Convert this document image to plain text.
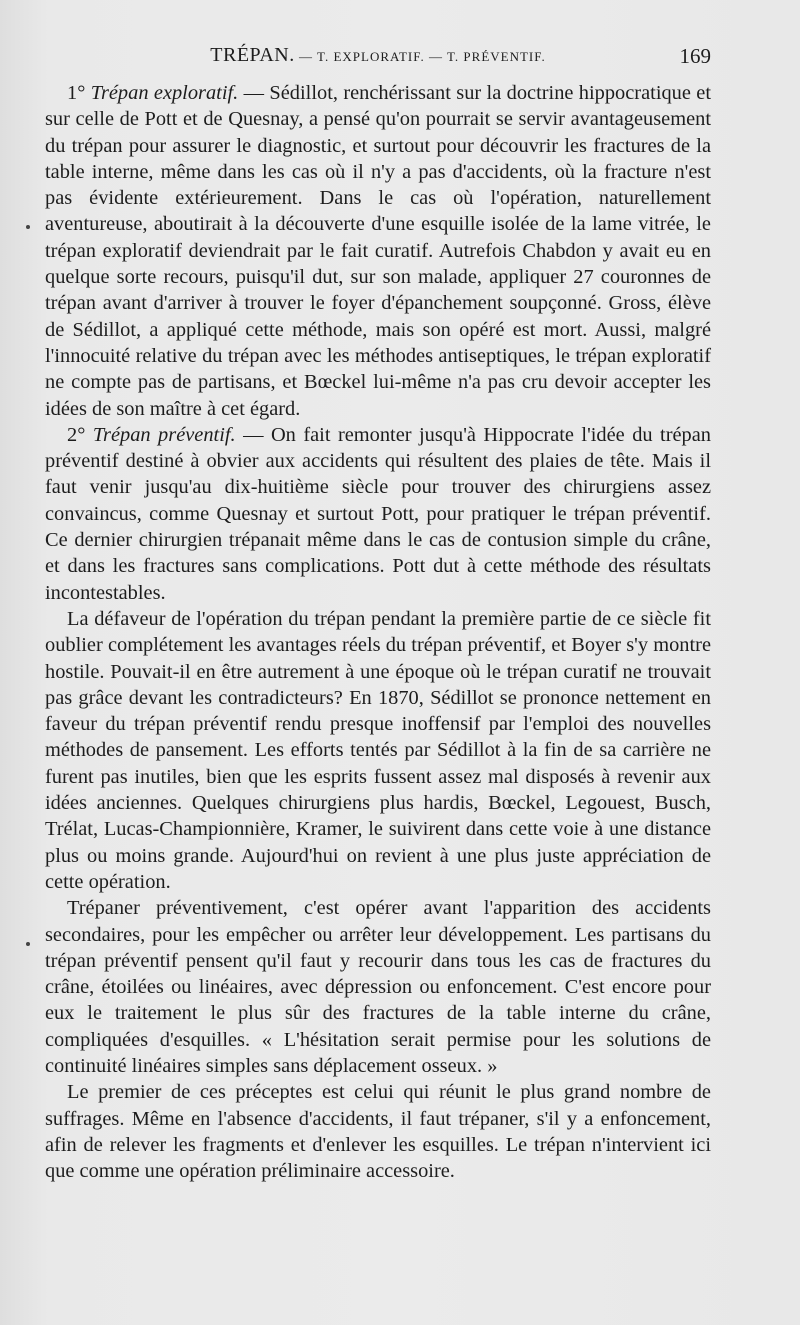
TRÉPAN. — T. EXPLORATIF. — T. PRÉVENTIF.	169

1° Trépan exploratif. — Sédillot, renchérissant sur la doctrine hippocratique et sur celle de Pott et de Quesnay, a pensé qu'on pourrait se servir avantageusement du trépan pour assurer le diagnostic, et surtout pour découvrir les fractures de la table interne, même dans les cas où il n'y a pas d'accidents, où la fracture n'est pas évidente extérieurement. Dans le cas où l'opération, naturellement aventureuse, aboutirait à la découverte d'une esquille isolée de la lame vitrée, le trépan exploratif deviendrait par le fait curatif. Autrefois Chabdon y avait eu en quelque sorte recours, puisqu'il dut, sur son malade, appliquer 27 couronnes de trépan avant d'arriver à trouver le foyer d'épanchement soupçonné. Gross, élève de Sédillot, a appliqué cette méthode, mais son opéré est mort. Aussi, malgré l'innocuité relative du trépan avec les méthodes antiseptiques, le trépan exploratif ne compte pas de partisans, et Bœckel lui-même n'a pas cru devoir accepter les idées de son maître à cet égard.

2° Trépan préventif. — On fait remonter jusqu'à Hippocrate l'idée du trépan préventif destiné à obvier aux accidents qui résultent des plaies de tête. Mais il faut venir jusqu'au dix-huitième siècle pour trouver des chirurgiens assez convaincus, comme Quesnay et surtout Pott, pour pratiquer le trépan préventif. Ce dernier chirurgien trépanait même dans le cas de contusion simple du crâne, et dans les fractures sans complications. Pott dut à cette méthode des résultats incontestables.

La défaveur de l'opération du trépan pendant la première partie de ce siècle fit oublier complétement les avantages réels du trépan préventif, et Boyer s'y montre hostile. Pouvait-il en être autrement à une époque où le trépan curatif ne trouvait pas grâce devant les contradicteurs? En 1870, Sédillot se prononce nettement en faveur du trépan préventif rendu presque inoffensif par l'emploi des nouvelles méthodes de pansement. Les efforts tentés par Sédillot à la fin de sa carrière ne furent pas inutiles, bien que les esprits fussent assez mal disposés à revenir aux idées anciennes. Quelques chirurgiens plus hardis, Bœckel, Legouest, Busch, Trélat, Lucas-Championnière, Kramer, le suivirent dans cette voie à une distance plus ou moins grande. Aujourd'hui on revient à une plus juste appréciation de cette opération.

Trépaner préventivement, c'est opérer avant l'apparition des accidents secondaires, pour les empêcher ou arrêter leur développement. Les partisans du trépan préventif pensent qu'il faut y recourir dans tous les cas de fractures du crâne, étoilées ou linéaires, avec dépression ou enfoncement. C'est encore pour eux le traitement le plus sûr des fractures de la table interne du crâne, compliquées d'esquilles. « L'hésitation serait permise pour les solutions de continuité linéaires simples sans déplacement osseux. »

Le premier de ces préceptes est celui qui réunit le plus grand nombre de suffrages. Même en l'absence d'accidents, il faut trépaner, s'il y a enfoncement, afin de relever les fragments et d'enlever les esquilles. Le trépan n'intervient ici que comme une opération préliminaire accessoire.
